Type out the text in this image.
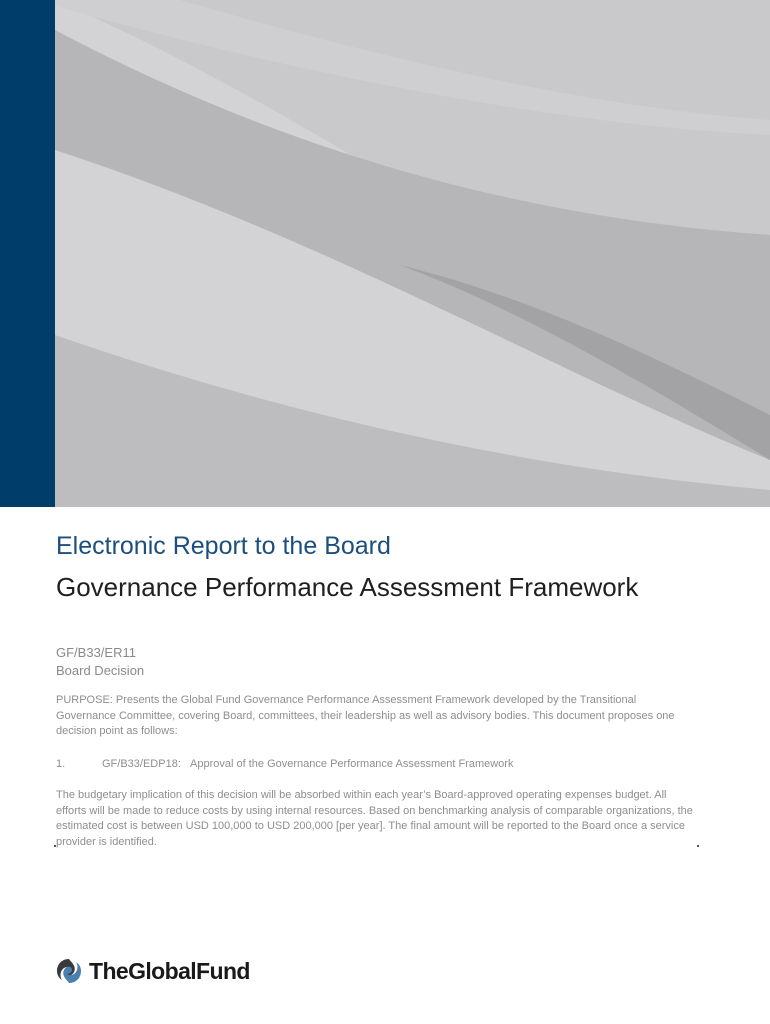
Electronic Report to the Board
Governance Performance Assessment Framework
GF/B33/ER11
Board Decision

PURPOSE: Presents the Global Fund Governance Performance Assessment Framework developed by the Transitional Governance Committee, covering Board, committees, their leadership as well as advisory bodies. This document proposes one decision point as follows:

1.	GF/B33/EDP18: Approval of the Governance Performance Assessment Framework

The budgetary implication of this decision will be absorbed within each year’s Board-approved operating expenses budget. All efforts will be made to reduce costs by using internal resources. Based on benchmarking analysis of comparable organizations, the estimated cost is between USD 100,000 to USD 200,000 [per year]. The final amount will be reported to the Board once a service provider is identified.

TheGlobalFund
